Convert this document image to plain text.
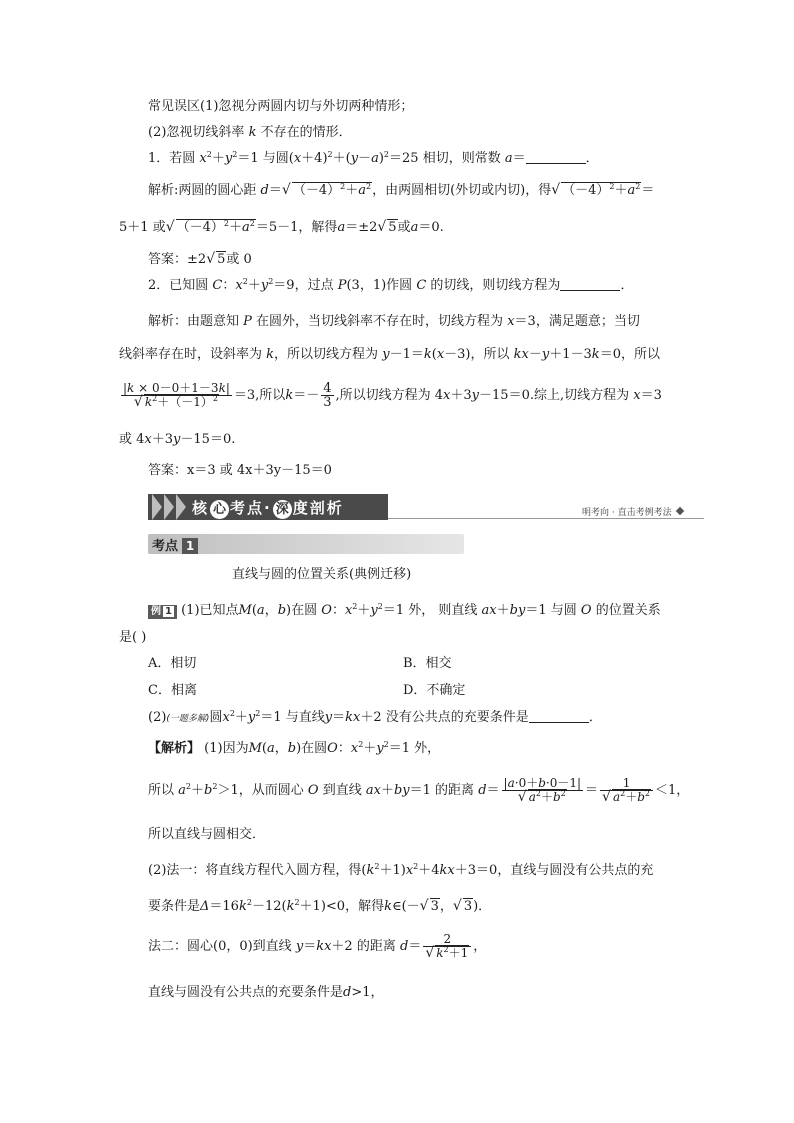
常见误区(1)忽视分两圆内切与外切两种情形；
(2)忽视切线斜率 k 不存在的情形．
1．若圆 $x^2+y^2=1$ 与圆$(x+4)^2+(y-a)^2=25$ 相切，则常数 a＝	．
解析:两圆的圆心距 d＝√ $(-4)^2+a^2$，由两圆相切(外切或内切)，得√ $(-4)^2+a^2=$
5＋1 或√ $(-4)^2+a^2=5-1$，解得a＝±2√ 5或a＝0.
答案：±2√ 5或 0
2．已知圆 C：$x^2+y^2=9$，过点 P(3，1)作圆 C 的切线，则切线方程为	．
解析：由题意知 P 在圆外，当切线斜率不存在时，切线方程为 x＝3，满足题意；当切
线斜率存在时，设斜率为 k，所以切线方程为 y－1＝k(x－3)，所以 kx－y＋1－3k＝0，所以
$\frac{|k \times 0-0+1-3k|}{√ k^2+(-1)^2} =3$,所以$k=- \frac{4}{3}$ ,所以切线方程为 4x＋3y－15＝0.综上,切线方程为 x＝3
或 4x＋3y－15＝0.
答案：x＝3 或 4x＋3y－15＝0
核 心 考点· 深 度剖析	明考向 · 直击考例考法
考点 1
直线与圆的位置关系(典例迁移)
例 1 (1)已知点M(a，b)在圆 O：$x^2+y^2=1$ 外， 则直线 ax＋by＝1 与圆 O 的位置关系
是( )
A．相切	B．相交
C．相离	D．不确定
(2)(一题多解)圆$x^2+y^2=1$ 与直线y＝kx＋2 没有公共点的充要条件是	．
【解析】 (1)因为M(a，b)在圆O：$x^2+y^2=1$ 外，
所以 $a^2+b^2>1$，从而圆心 O 到直线 ax＋by＝1 的距离 $d= \frac{|a\cdot 0+b\cdot 0-1|}{√ a^2+b^2} = \frac{1}{√ a^2+b^2} <1$，
所以直线与圆相交．
(2)法一：将直线方程代入圆方程，得$(k^2+1)x^2+4kx+3=0$，直线与圆没有公共点的充
要条件是$\Delta=16k^2-12(k^2+1)<0$，解得k∈(－√ 3，√ 3)．
法二：圆心(0，0)到直线 y＝kx＋2 的距离 $d= \frac{2}{√ k^2+1}$ ，
直线与圆没有公共点的充要条件是d>1，
